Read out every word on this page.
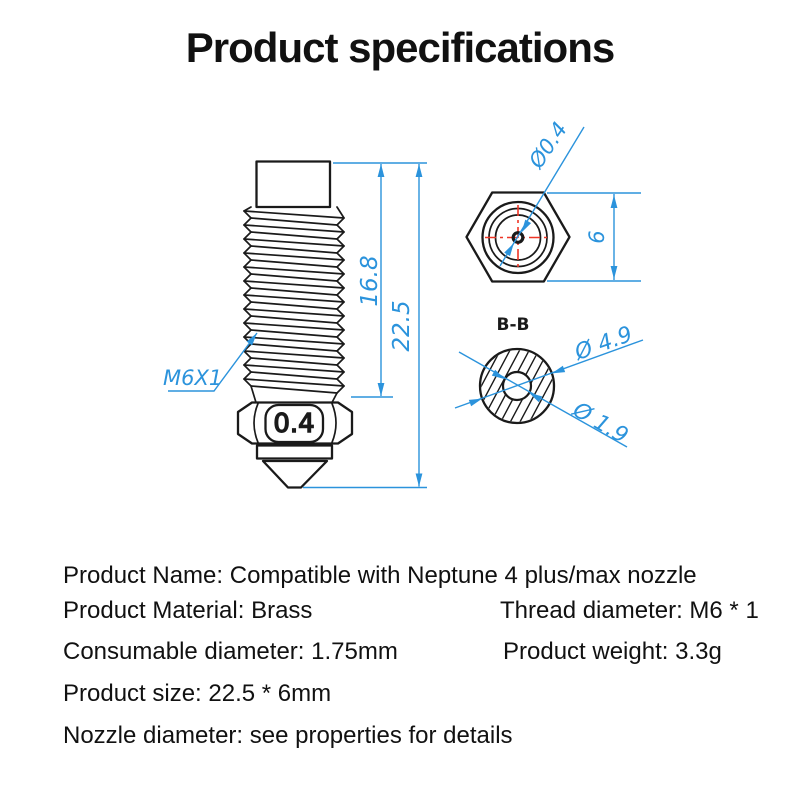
Product specifications
0.4
16.8
22.5
M6X1
Ø0.4
6
B-B Ø 4.9
Ø 1.9
Product Name: Compatible with Neptune 4 plus/max nozzle
Product Material: Brass	Thread diameter: M6 * 1
Consumable diameter: 1.75mm	Product weight: 3.3g
Product size: 22.5 * 6mm
Nozzle diameter: see properties for details
